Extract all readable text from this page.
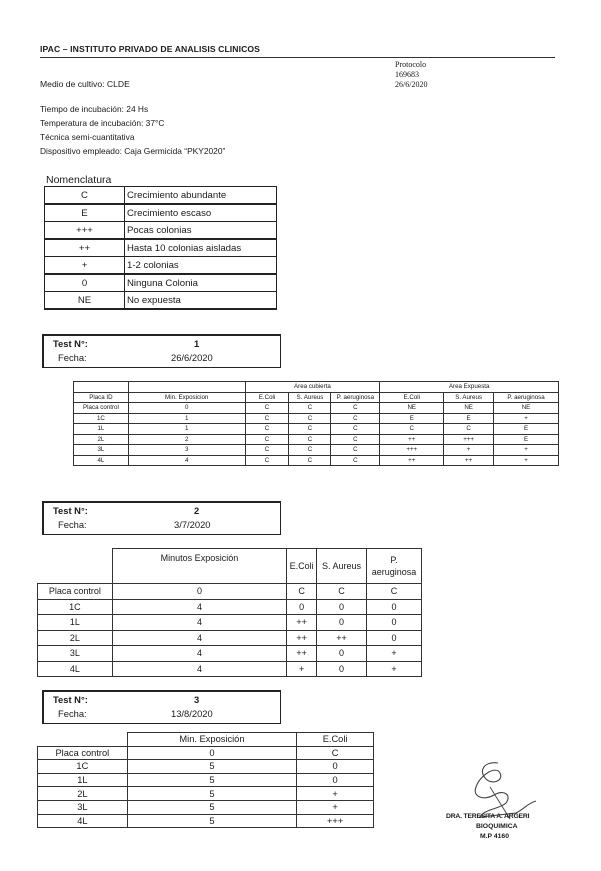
IPAC – INSTITUTO PRIVADO DE ANALISIS CLINICOS
Protocolo
169683
26/6/2020
Medio de cultivo: CLDE
Tiempo de incubación: 24 Hs
Temperatura de incubación: 37°C
Técnica semi-cuantitativa
Dispositivo empleado: Caja Germicida “PKY2020”
Nomenclatura
C	Crecimiento abundante
E	Crecimiento escaso
+++	Pocas colonias
++	Hasta 10 colonias aisladas
+	1-2 colonias
0	Ninguna Colonia
NE	No expuesta
Test N°:	1
Fecha:	26/6/2020
		Area cubierta			Area Expuesta		
Placa ID	Min. Exposicion	E.Coli	S. Aureus	P. aeruginosa	E.Coli	S. Aureus	P. aeruginosa
Placa control	0	C	C	C	NE	NE	NE
1C	1	C	C	C	E	E	+
1L	1	C	C	C	C	C	E
2L	2	C	C	C	++	+++	E
3L	3	C	C	C	+++	+	+
4L	4	C	C	C	++	++	+
Test N°:	2
Fecha:	3/7/2020
	Minutos Exposición	E.Coli	S. Aureus	P. aeruginosa
Placa control	0	C	C	C
1C	4	0	0	0
1L	4	++	0	0
2L	4	++	++	0
3L	4	++	0	+
4L	4	+	0	+
Test N°:	3
Fecha:	13/8/2020
	Min. Exposición	E.Coli
Placa control	0	C
1C	5	0
1L	5	0
2L	5	+
3L	5	+
4L	5	+++	DRA. TERESITA A. ARGERI
BIOQUIMICA
M.P 4160
